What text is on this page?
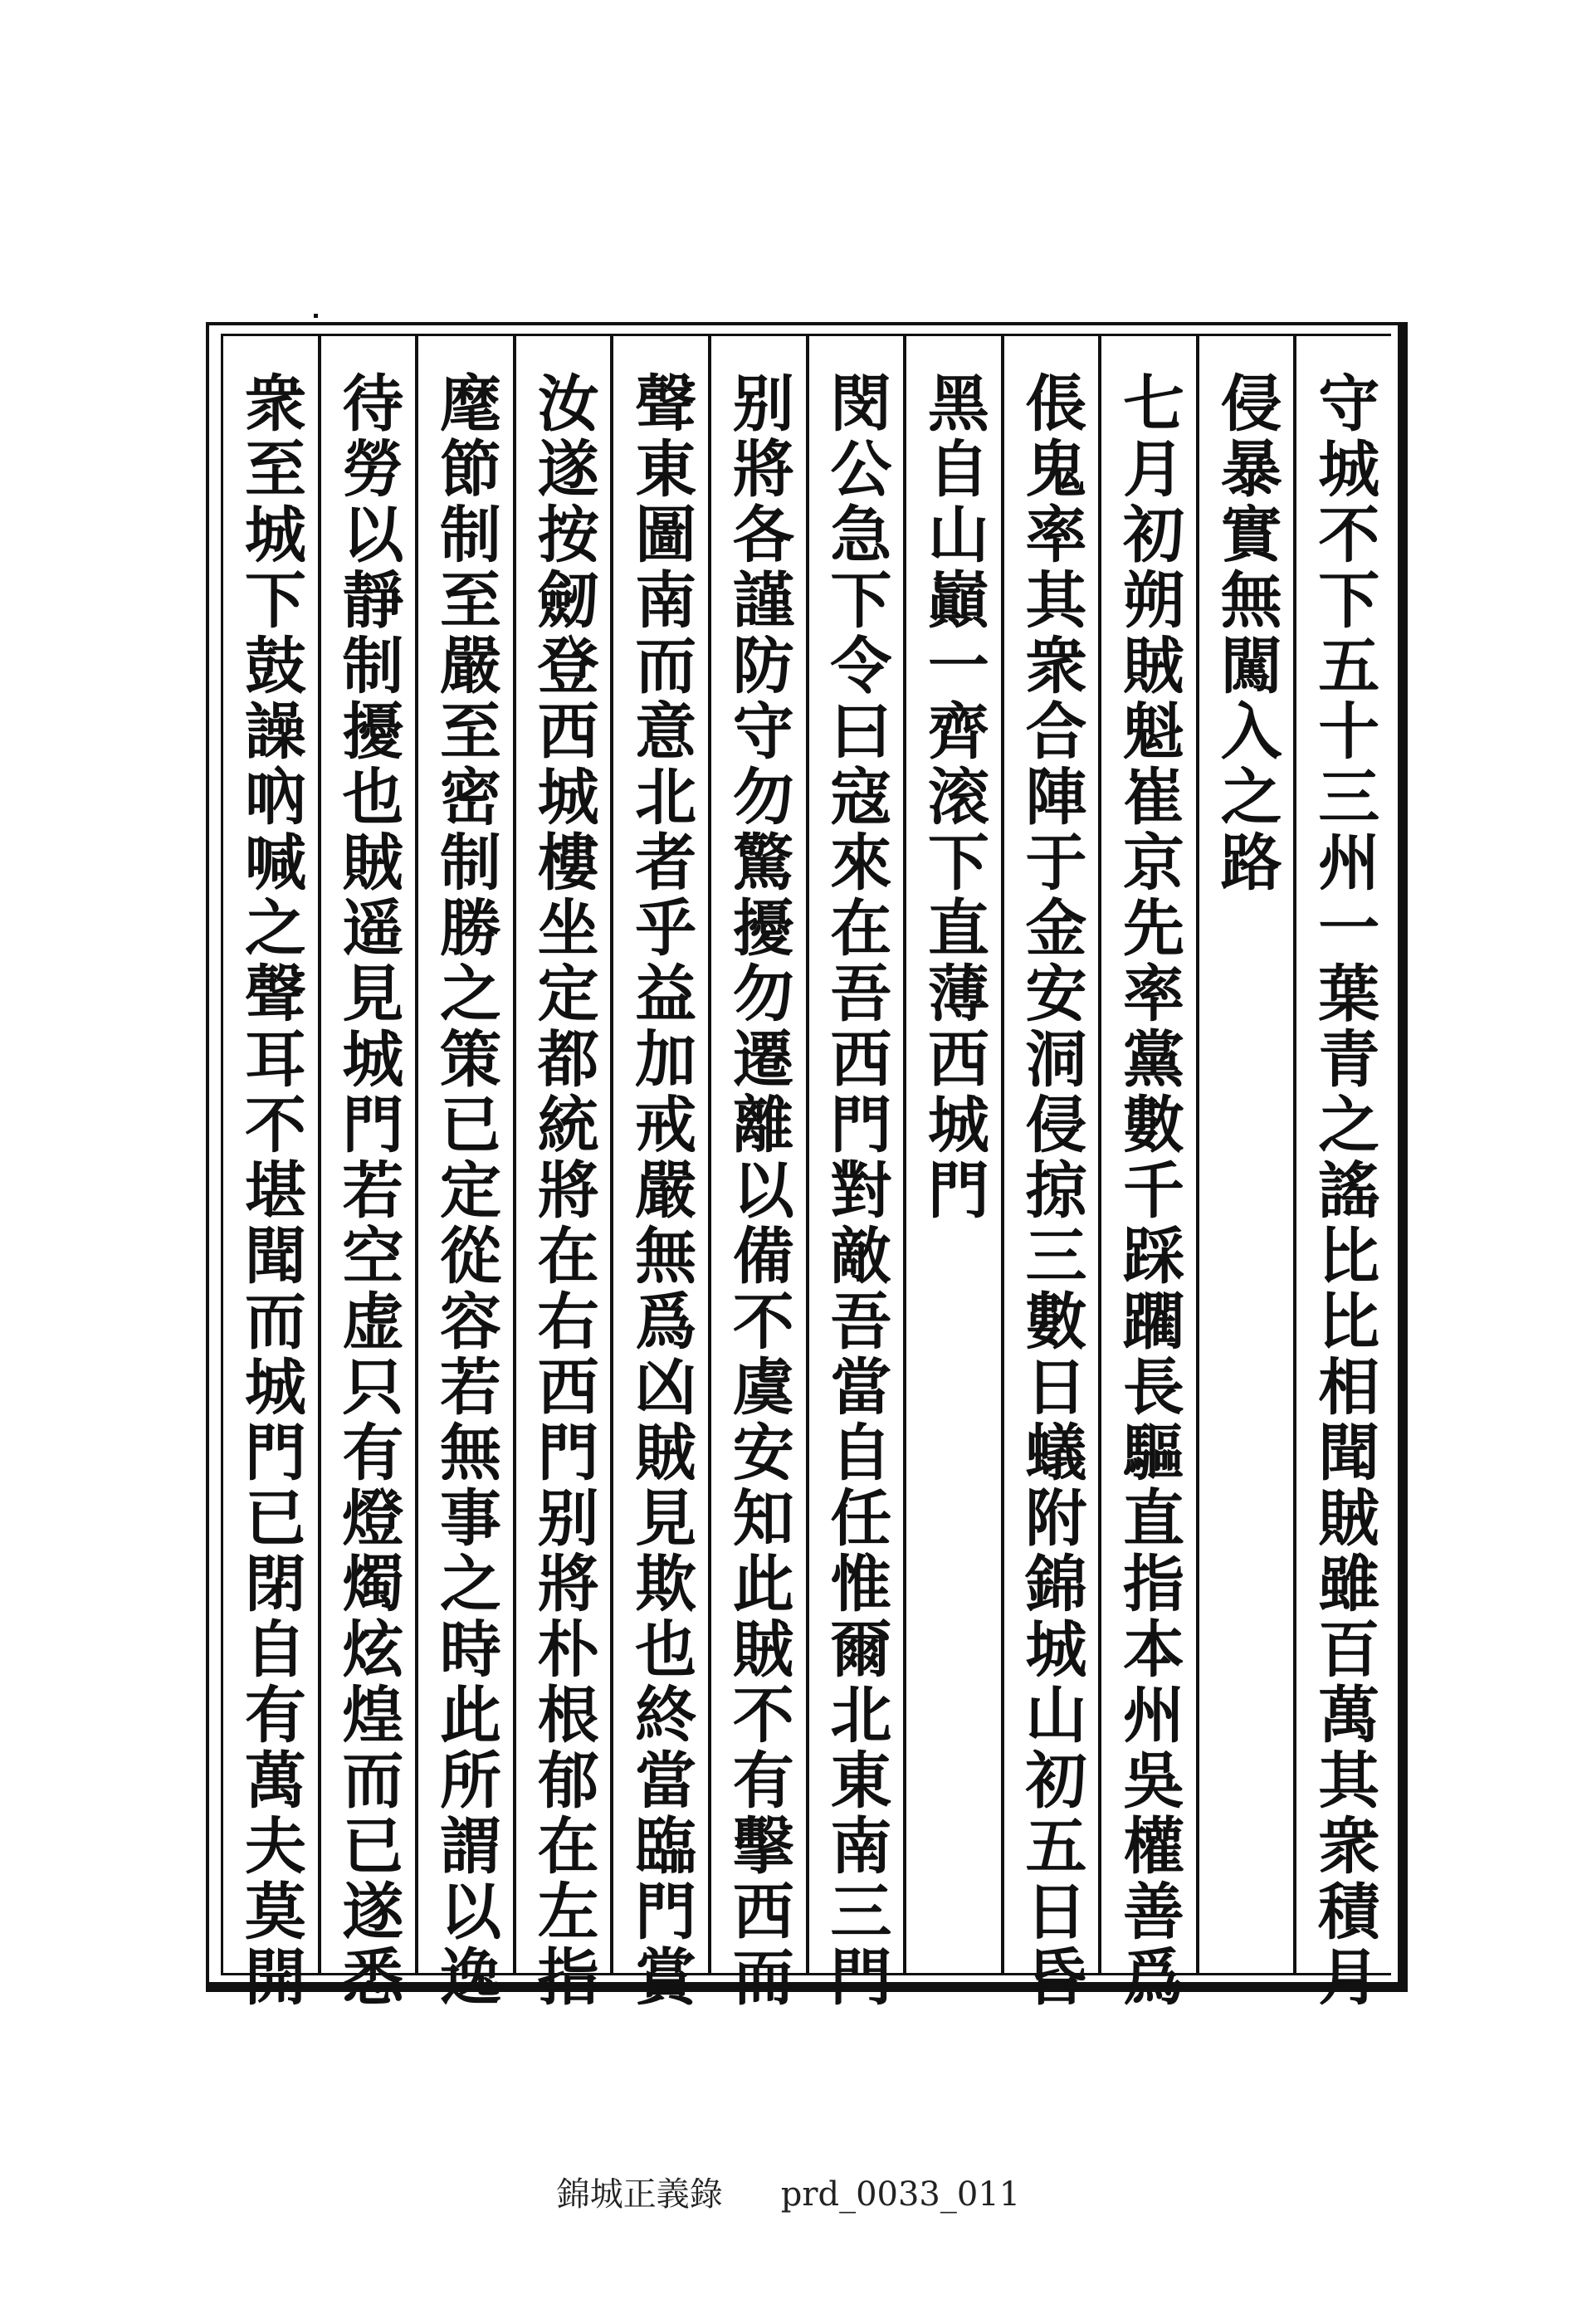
守城不下五十三州一葉青之謠比比相聞賊雖百萬其衆積月
侵暴實無闖入之路
七月初朔賊魁崔京先率黨數千踩躙長驅直指本州吳權善爲
倀鬼率其衆合陣于金安洞侵掠三數日蟻附錦城山初五日昏
黑自山巓一齊滚下直薄西城門
閔公急下令曰寇來在吾西門對敵吾當自任惟爾北東南三門
别將各謹防守勿驚擾勿遷離以備不虞安知此賊不有擊西而
聲東圖南而意北者乎益加戒嚴無爲凶賊見欺也終當臨門賞
汝遂按劒登西城樓坐定都統將在右西門别將朴根郁在左指
麾節制至嚴至密制勝之策已定從容若無事之時此所謂以逸
待勞以靜制擾也賊遥見城門若空虚只有燈燭炫煌而已遂悉
衆至城下鼓譟吶喊之聲耳不堪聞而城門已閉自有萬夫莫開
錦城正義錄 prd_0033_011
